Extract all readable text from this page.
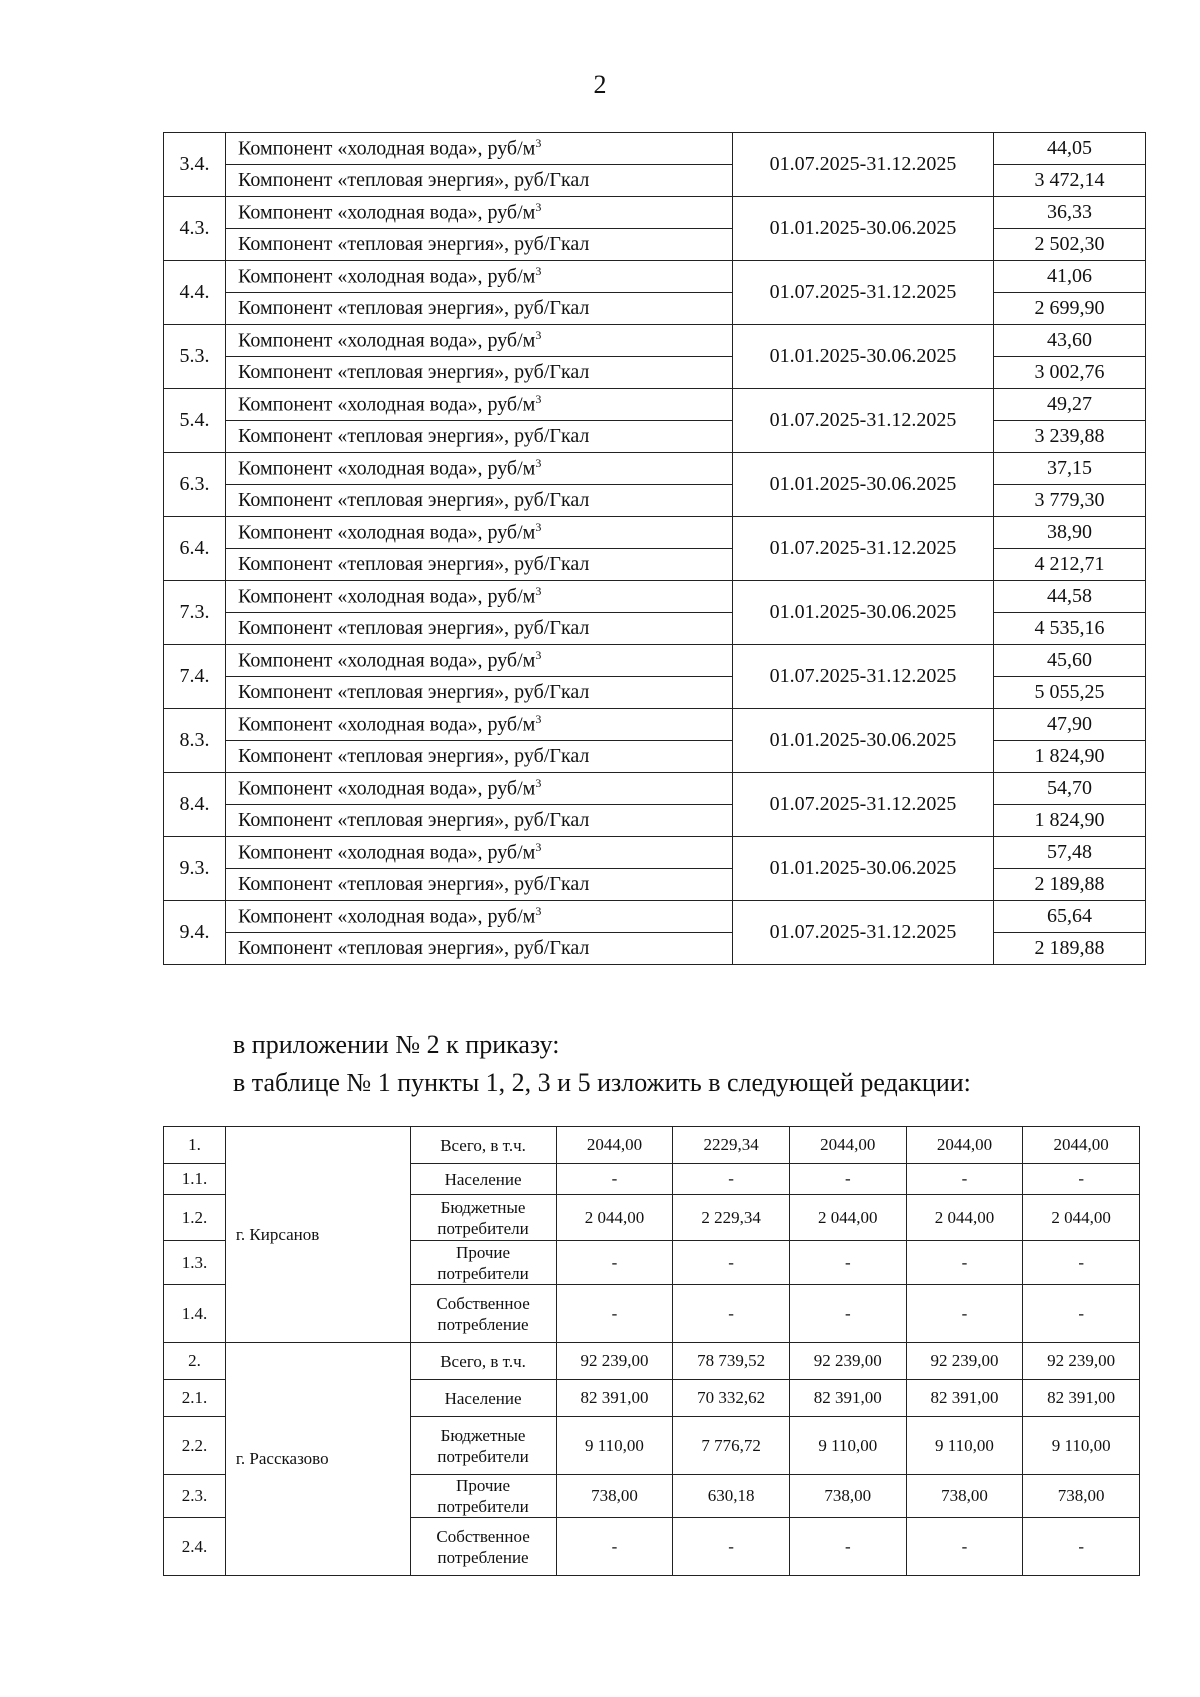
2
3.4.	Компонент «холодная вода», руб/$м^3$	01.07.2025-31.12.2025	44,05
	Компонент «тепловая энергия», руб/Гкал		3 472,14
4.3.	Компонент «холодная вода», руб/$м^3$	01.01.2025-30.06.2025	36,33
	Компонент «тепловая энергия», руб/Гкал		2 502,30
4.4.	Компонент «холодная вода», руб/$м^3$	01.07.2025-31.12.2025	41,06
	Компонент «тепловая энергия», руб/Гкал		2 699,90
5.3.	Компонент «холодная вода», руб/$м^3$	01.01.2025-30.06.2025	43,60
	Компонент «тепловая энергия», руб/Гкал		3 002,76
5.4.	Компонент «холодная вода», руб/$м^3$	01.07.2025-31.12.2025	49,27
	Компонент «тепловая энергия», руб/Гкал		3 239,88
6.3.	Компонент «холодная вода», руб/$м^3$	01.01.2025-30.06.2025	37,15
	Компонент «тепловая энергия», руб/Гкал		3 779,30
6.4.	Компонент «холодная вода», руб/$м^3$	01.07.2025-31.12.2025	38,90
	Компонент «тепловая энергия», руб/Гкал		4 212,71
7.3.	Компонент «холодная вода», руб/$м^3$	01.01.2025-30.06.2025	44,58
	Компонент «тепловая энергия», руб/Гкал		4 535,16
7.4.	Компонент «холодная вода», руб/$м^3$	01.07.2025-31.12.2025	45,60
	Компонент «тепловая энергия», руб/Гкал		5 055,25
8.3.	Компонент «холодная вода», руб/$м^3$	01.01.2025-30.06.2025	47,90
	Компонент «тепловая энергия», руб/Гкал		1 824,90
8.4.	Компонент «холодная вода», руб/$м^3$	01.07.2025-31.12.2025	54,70
	Компонент «тепловая энергия», руб/Гкал		1 824,90
9.3.	Компонент «холодная вода», руб/$м^3$	01.01.2025-30.06.2025	57,48
	Компонент «тепловая энергия», руб/Гкал		2 189,88
9.4.	Компонент «холодная вода», руб/$м^3$	01.07.2025-31.12.2025	65,64
	Компонент «тепловая энергия», руб/Гкал		2 189,88
в приложении № 2 к приказу:
в таблице № 1 пункты 1, 2, 3 и 5 изложить в следующей редакции:
1.	г. Кирсанов	Всего, в т.ч.	2044,00	2229,34	2044,00	2044,00	2044,00
1.1.		Население	-	-	-	-	-
1.2.		Бюджетные потребители	2 044,00	2 229,34	2 044,00	2 044,00	2 044,00
1.3.		Прочие потребители	-	-	-	-	-
1.4.		Собственное потребление	-	-	-	-	-
2.	г. Рассказово	Всего, в т.ч.	92 239,00	78 739,52	92 239,00	92 239,00	92 239,00
2.1.		Население	82 391,00	70 332,62	82 391,00	82 391,00	82 391,00
2.2.		Бюджетные потребители	9 110,00	7 776,72	9 110,00	9 110,00	9 110,00
2.3.		Прочие потребители	738,00	630,18	738,00	738,00	738,00
2.4.		Собственное потребление	-	-	-	-	-
